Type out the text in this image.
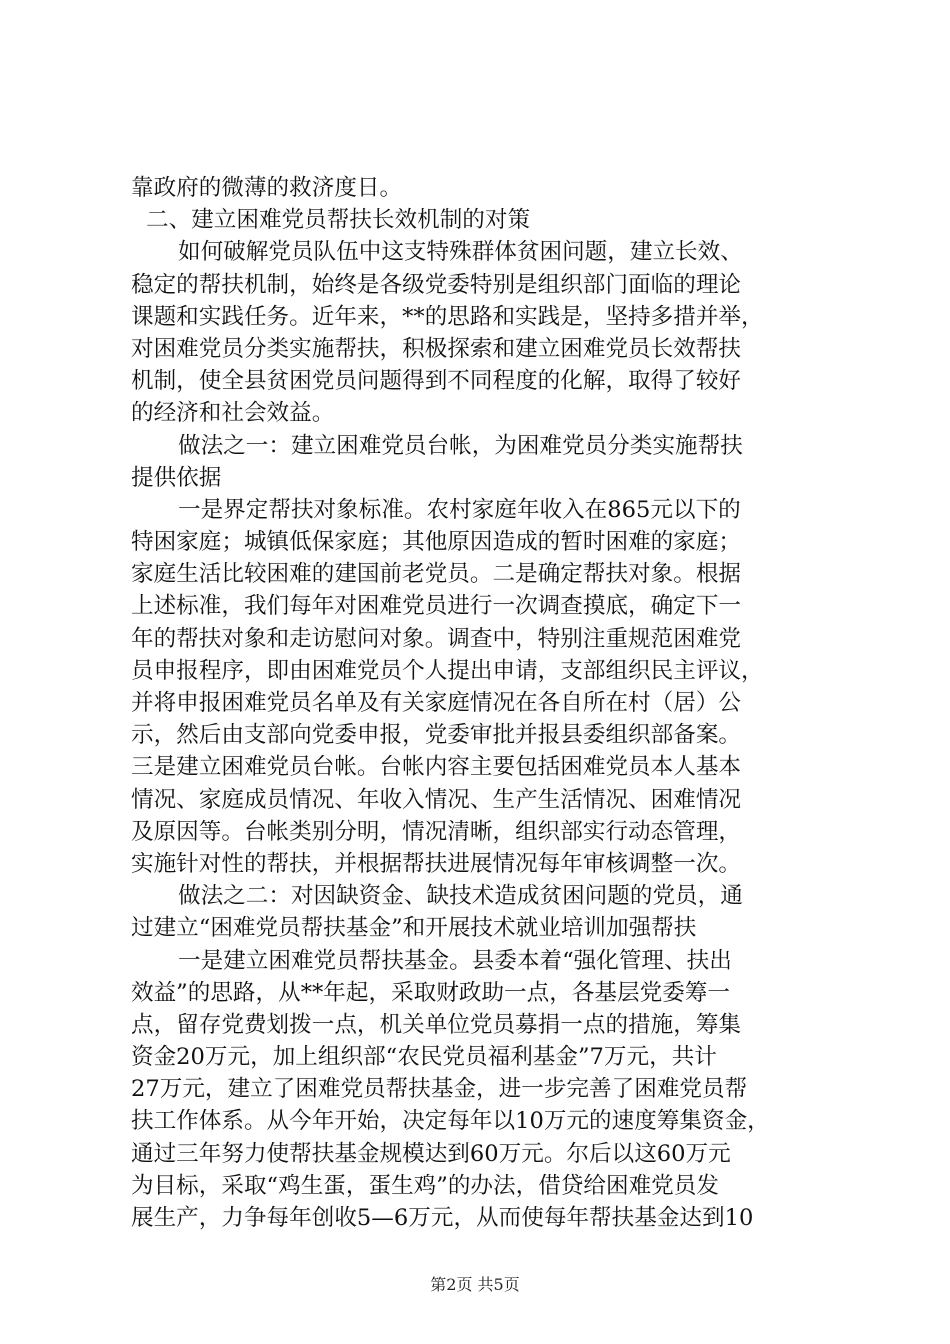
靠政府的微薄的救济度日。
二、建立困难党员帮扶长效机制的对策
如何破解党员队伍中这支特殊群体贫困问题，建立长效、
稳定的帮扶机制，始终是各级党委特别是组织部门面临的理论
课题和实践任务。近年来，**的思路和实践是，坚持多措并举，
对困难党员分类实施帮扶，积极探索和建立困难党员长效帮扶
机制，使全县贫困党员问题得到不同程度的化解，取得了较好
的经济和社会效益。
做法之一：建立困难党员台帐，为困难党员分类实施帮扶
提供依据
一是界定帮扶对象标准。农村家庭年收入在865元以下的
特困家庭；城镇低保家庭；其他原因造成的暂时困难的家庭；
家庭生活比较困难的建国前老党员。二是确定帮扶对象。根据
上述标准，我们每年对困难党员进行一次调查摸底，确定下一
年的帮扶对象和走访慰问对象。调查中，特别注重规范困难党
员申报程序，即由困难党员个人提出申请，支部组织民主评议，
并将申报困难党员名单及有关家庭情况在各自所在村（居）公
示，然后由支部向党委申报，党委审批并报县委组织部备案。
三是建立困难党员台帐。台帐内容主要包括困难党员本人基本
情况、家庭成员情况、年收入情况、生产生活情况、困难情况
及原因等。台帐类别分明，情况清晰，组织部实行动态管理，
实施针对性的帮扶，并根据帮扶进展情况每年审核调整一次。
做法之二：对因缺资金、缺技术造成贫困问题的党员，通
过建立“困难党员帮扶基金”和开展技术就业培训加强帮扶
一是建立困难党员帮扶基金。县委本着“强化管理、扶出
效益”的思路，从**年起，采取财政助一点，各基层党委筹一
点，留存党费划拨一点，机关单位党员募捐一点的措施，筹集
资金20万元，加上组织部“农民党员福利基金”7万元，共计
27万元，建立了困难党员帮扶基金，进一步完善了困难党员帮
扶工作体系。从今年开始，决定每年以10万元的速度筹集资金，
通过三年努力使帮扶基金规模达到60万元。尔后以这60万元
为目标，采取“鸡生蛋，蛋生鸡”的办法，借贷给困难党员发
展生产，力争每年创收5—6万元，从而使每年帮扶基金达到10
第2页 共5页
